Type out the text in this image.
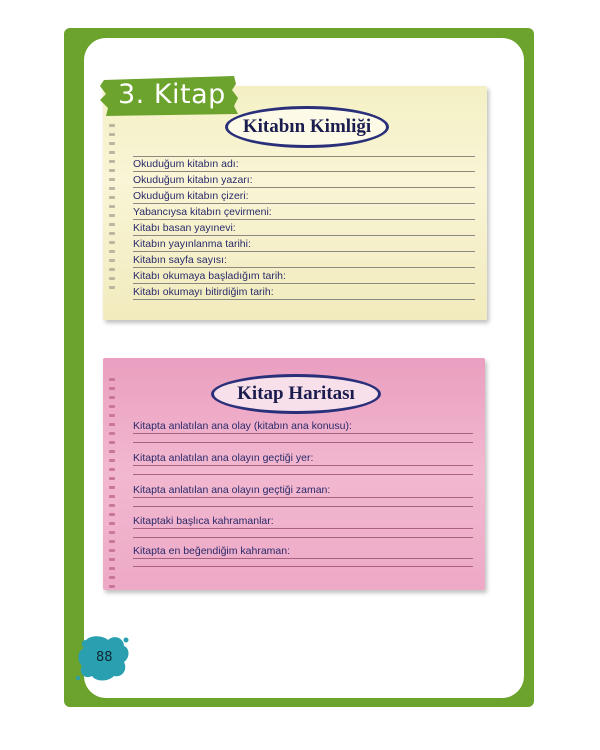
Kitabın Kimliği
Okuduğum kitabın adı:
Okuduğum kitabın yazarı:
Okuduğum kitabın çizeri:
Yabancıysa kitabın çevirmeni:
Kitabı basan yayınevi:
Kitabın yayınlanma tarihi:
Kitabın sayfa sayısı:
Kitabı okumaya başladığım tarih:
Kitabı okumayı bitirdiğim tarih:
3. Kitap
Kitap Haritası
Kitapta anlatılan ana olay (kitabın ana konusu):
Kitapta anlatılan ana olayın geçtiği yer:
Kitapta anlatılan ana olayın geçtiği zaman:
Kitaptaki başlıca kahramanlar:
Kitapta en beğendiğim kahraman:
88
